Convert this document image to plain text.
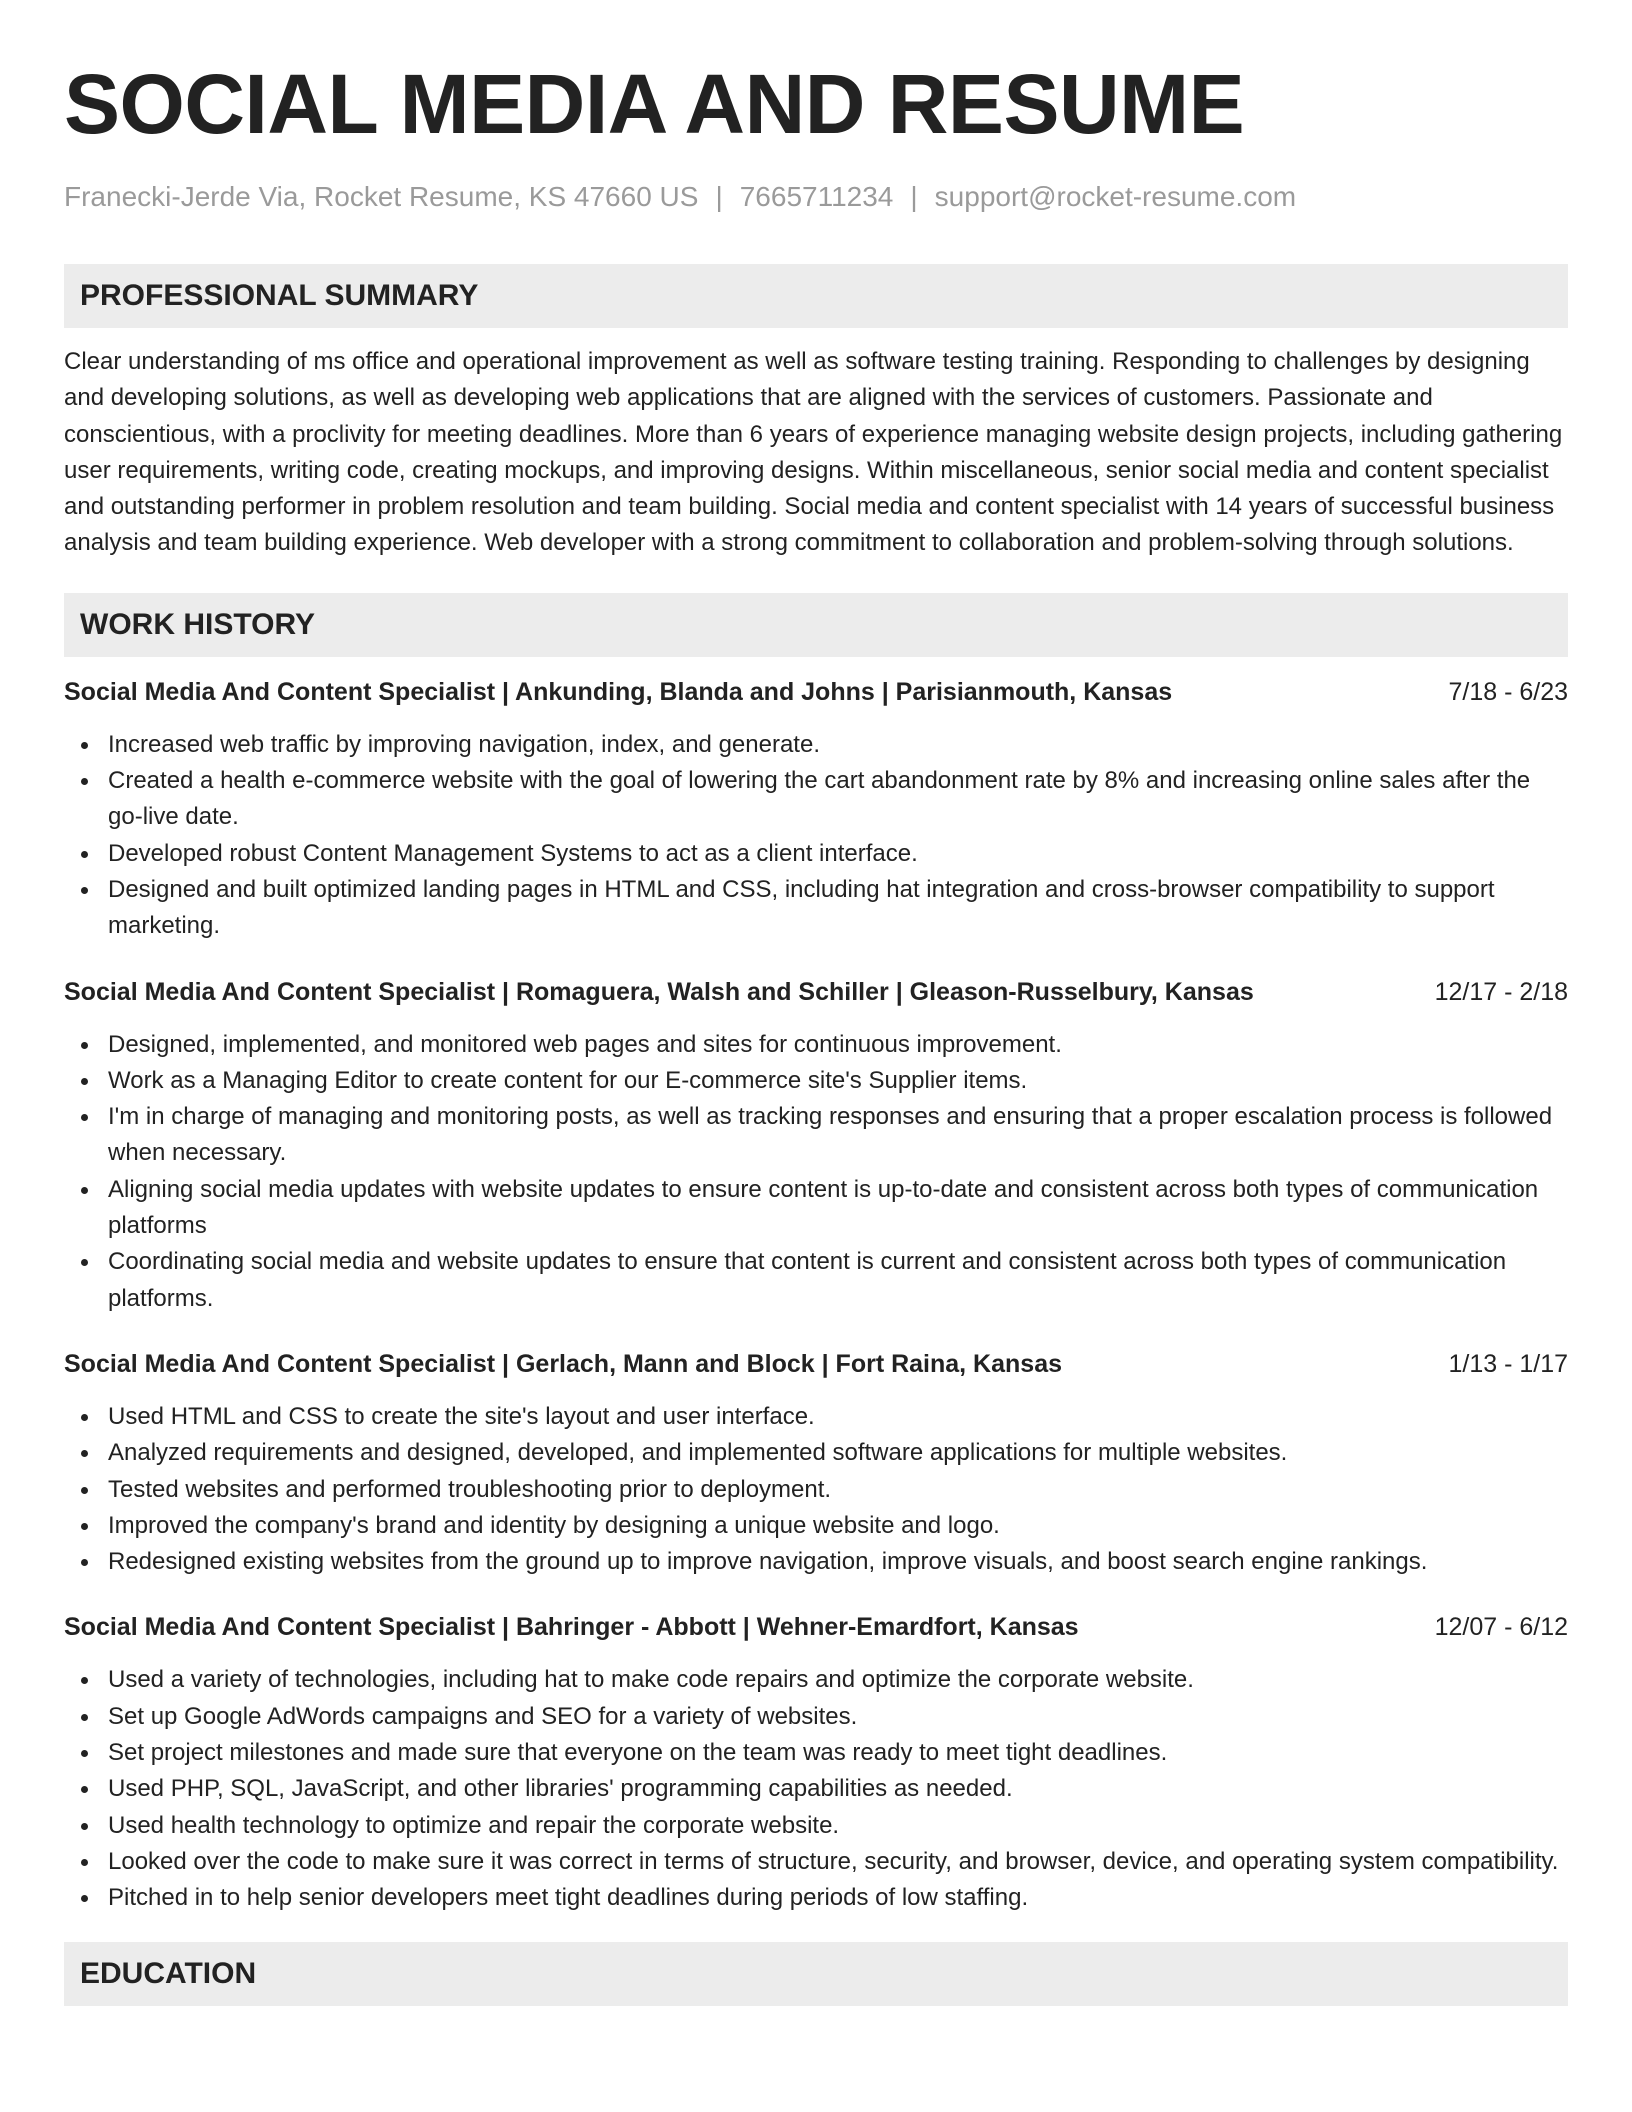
SOCIAL MEDIA AND RESUME
Franecki-Jerde Via, Rocket Resume, KS 47660 US | 7665711234 | support@rocket-resume.com
PROFESSIONAL SUMMARY

Clear understanding of ms office and operational improvement as well as software testing training. Responding to challenges by designing and developing solutions, as well as developing web applications that are aligned with the services of customers. Passionate and conscientious, with a proclivity for meeting deadlines. More than 6 years of experience managing website design projects, including gathering user requirements, writing code, creating mockups, and improving designs. Within miscellaneous, senior social media and content specialist and outstanding performer in problem resolution and team building. Social media and content specialist with 14 years of successful business analysis and team building experience. Web developer with a strong commitment to collaboration and problem-solving through solutions.

WORK HISTORY
Social Media And Content Specialist | Ankunding, Blanda and Johns | Parisianmouth, Kansas	7/18 - 6/23
Increased web traffic by improving navigation, index, and generate.
Created a health e-commerce website with the goal of lowering the cart abandonment rate by 8% and increasing online sales after the go-live date.
Developed robust Content Management Systems to act as a client interface.
Designed and built optimized landing pages in HTML and CSS, including hat integration and cross-browser compatibility to support marketing.
Social Media And Content Specialist | Romaguera, Walsh and Schiller | Gleason-Russelbury, Kansas	12/17 - 2/18
Designed, implemented, and monitored web pages and sites for continuous improvement.
Work as a Managing Editor to create content for our E-commerce site's Supplier items.
I'm in charge of managing and monitoring posts, as well as tracking responses and ensuring that a proper escalation process is followed when necessary.
Aligning social media updates with website updates to ensure content is up-to-date and consistent across both types of communication platforms
Coordinating social media and website updates to ensure that content is current and consistent across both types of communication platforms.
Social Media And Content Specialist | Gerlach, Mann and Block | Fort Raina, Kansas	1/13 - 1/17
Used HTML and CSS to create the site's layout and user interface.
Analyzed requirements and designed, developed, and implemented software applications for multiple websites.
Tested websites and performed troubleshooting prior to deployment.
Improved the company's brand and identity by designing a unique website and logo.
Redesigned existing websites from the ground up to improve navigation, improve visuals, and boost search engine rankings.
Social Media And Content Specialist | Bahringer - Abbott | Wehner-Emardfort, Kansas	12/07 - 6/12
Used a variety of technologies, including hat to make code repairs and optimize the corporate website.
Set up Google AdWords campaigns and SEO for a variety of websites.
Set project milestones and made sure that everyone on the team was ready to meet tight deadlines.
Used PHP, SQL, JavaScript, and other libraries' programming capabilities as needed.
Used health technology to optimize and repair the corporate website.
Looked over the code to make sure it was correct in terms of structure, security, and browser, device, and operating system compatibility.
Pitched in to help senior developers meet tight deadlines during periods of low staffing.
EDUCATION
